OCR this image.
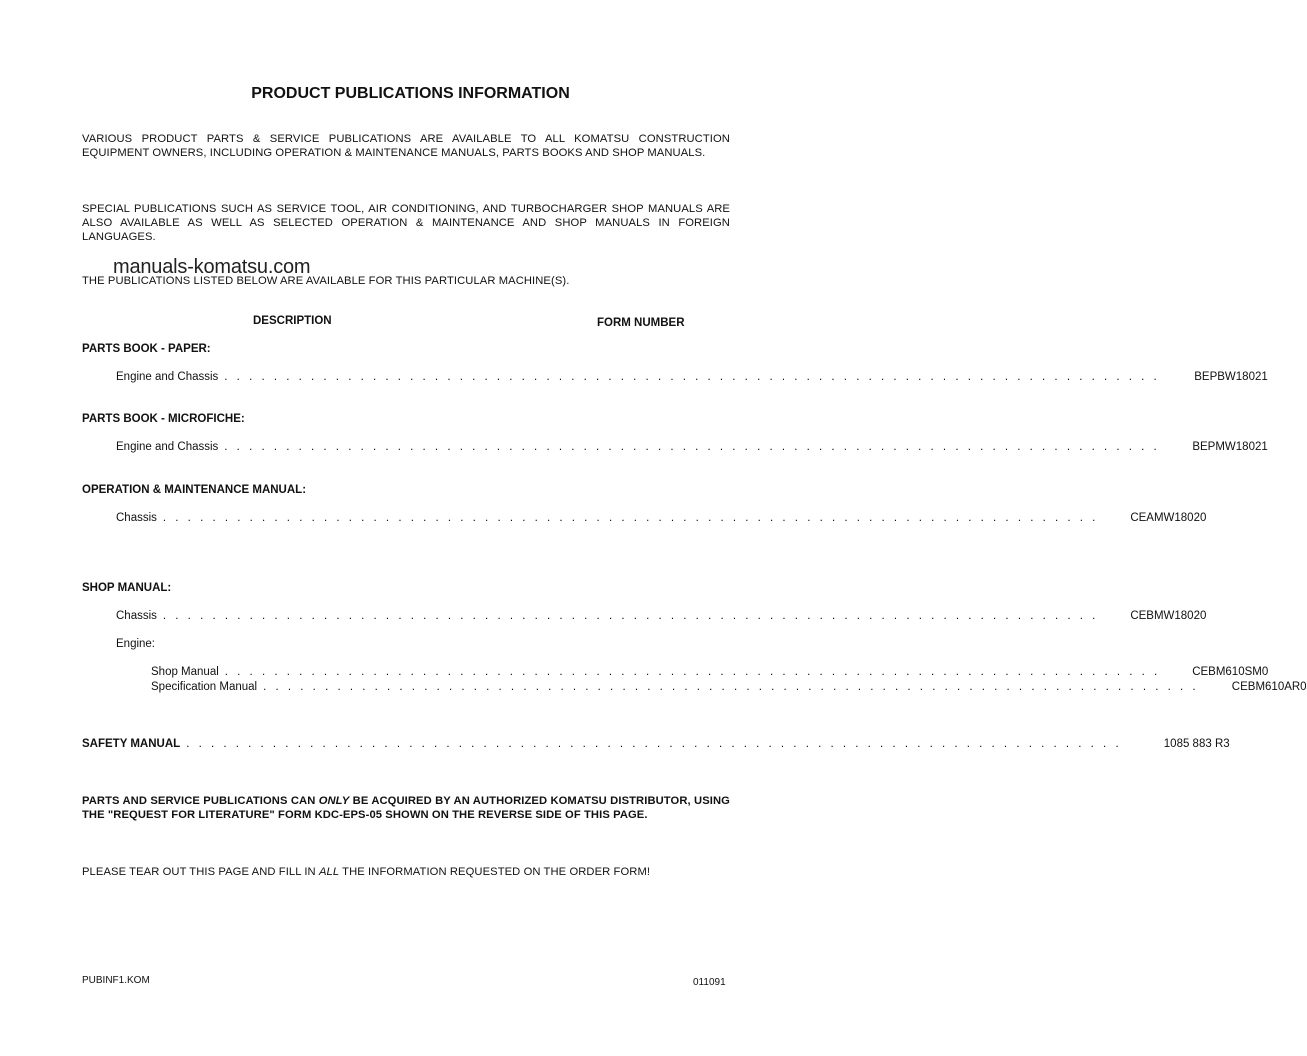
PRODUCT PUBLICATIONS INFORMATION
VARIOUS PRODUCT PARTS & SERVICE PUBLICATIONS ARE AVAILABLE TO ALL KOMATSU CONSTRUCTION EQUIPMENT OWNERS, INCLUDING OPERATION & MAINTENANCE MANUALS, PARTS BOOKS AND SHOP MANUALS.
SPECIAL PUBLICATIONS SUCH AS SERVICE TOOL, AIR CONDITIONING, AND TURBOCHARGER SHOP MANUALS ARE ALSO AVAILABLE AS WELL AS SELECTED OPERATION & MAINTENANCE AND SHOP MANUALS IN FOREIGN LANGUAGES.
THE PUBLICATIONS LISTED BELOW ARE AVAILABLE FOR THIS PARTICULAR MACHINE(S).
manuals-komatsu.com
DESCRIPTION	FORM NUMBER
PARTS BOOK - PAPER:
Engine and Chassis . . . . . . . . . . . . . . . . . . . . . . . . . . . . . . . . . . . . . . . . . . . . . . . . . . . . . . . . . . . . . . . . . . . . . . . . . . . .	BEPBW18021
PARTS BOOK - MICROFICHE:
Engine and Chassis . . . . . . . . . . . . . . . . . . . . . . . . . . . . . . . . . . . . . . . . . . . . . . . . . . . . . . . . . . . . . . . . . . . . . . . . . . . .	BEPMW18021
OPERATION & MAINTENANCE MANUAL:
Chassis . . . . . . . . . . . . . . . . . . . . . . . . . . . . . . . . . . . . . . . . . . . . . . . . . . . . . . . . . . . . . . . . . . . . . . . . . . . .	CEAMW18020
SHOP MANUAL:
Chassis . . . . . . . . . . . . . . . . . . . . . . . . . . . . . . . . . . . . . . . . . . . . . . . . . . . . . . . . . . . . . . . . . . . . . . . . . . . .	CEBMW18020
Engine:
Shop Manual . . . . . . . . . . . . . . . . . . . . . . . . . . . . . . . . . . . . . . . . . . . . . . . . . . . . . . . . . . . . . . . . . . . . . . . . . . . .	CEBM610SM0
Specification Manual . . . . . . . . . . . . . . . . . . . . . . . . . . . . . . . . . . . . . . . . . . . . . . . . . . . . . . . . . . . . . . . . . . . . . . . . . . . .	CEBM610AR0
SAFETY MANUAL . . . . . . . . . . . . . . . . . . . . . . . . . . . . . . . . . . . . . . . . . . . . . . . . . . . . . . . . . . . . . . . . . . . . . . . . . . . .	1085 883 R3
PARTS AND SERVICE PUBLICATIONS CAN ONLY BE ACQUIRED BY AN AUTHORIZED KOMATSU DISTRIBUTOR, USING THE "REQUEST FOR LITERATURE" FORM KDC-EPS-05 SHOWN ON THE REVERSE SIDE OF THIS PAGE.
PLEASE TEAR OUT THIS PAGE AND FILL IN ALL THE INFORMATION REQUESTED ON THE ORDER FORM!
PUBINF1.KOM	011091
